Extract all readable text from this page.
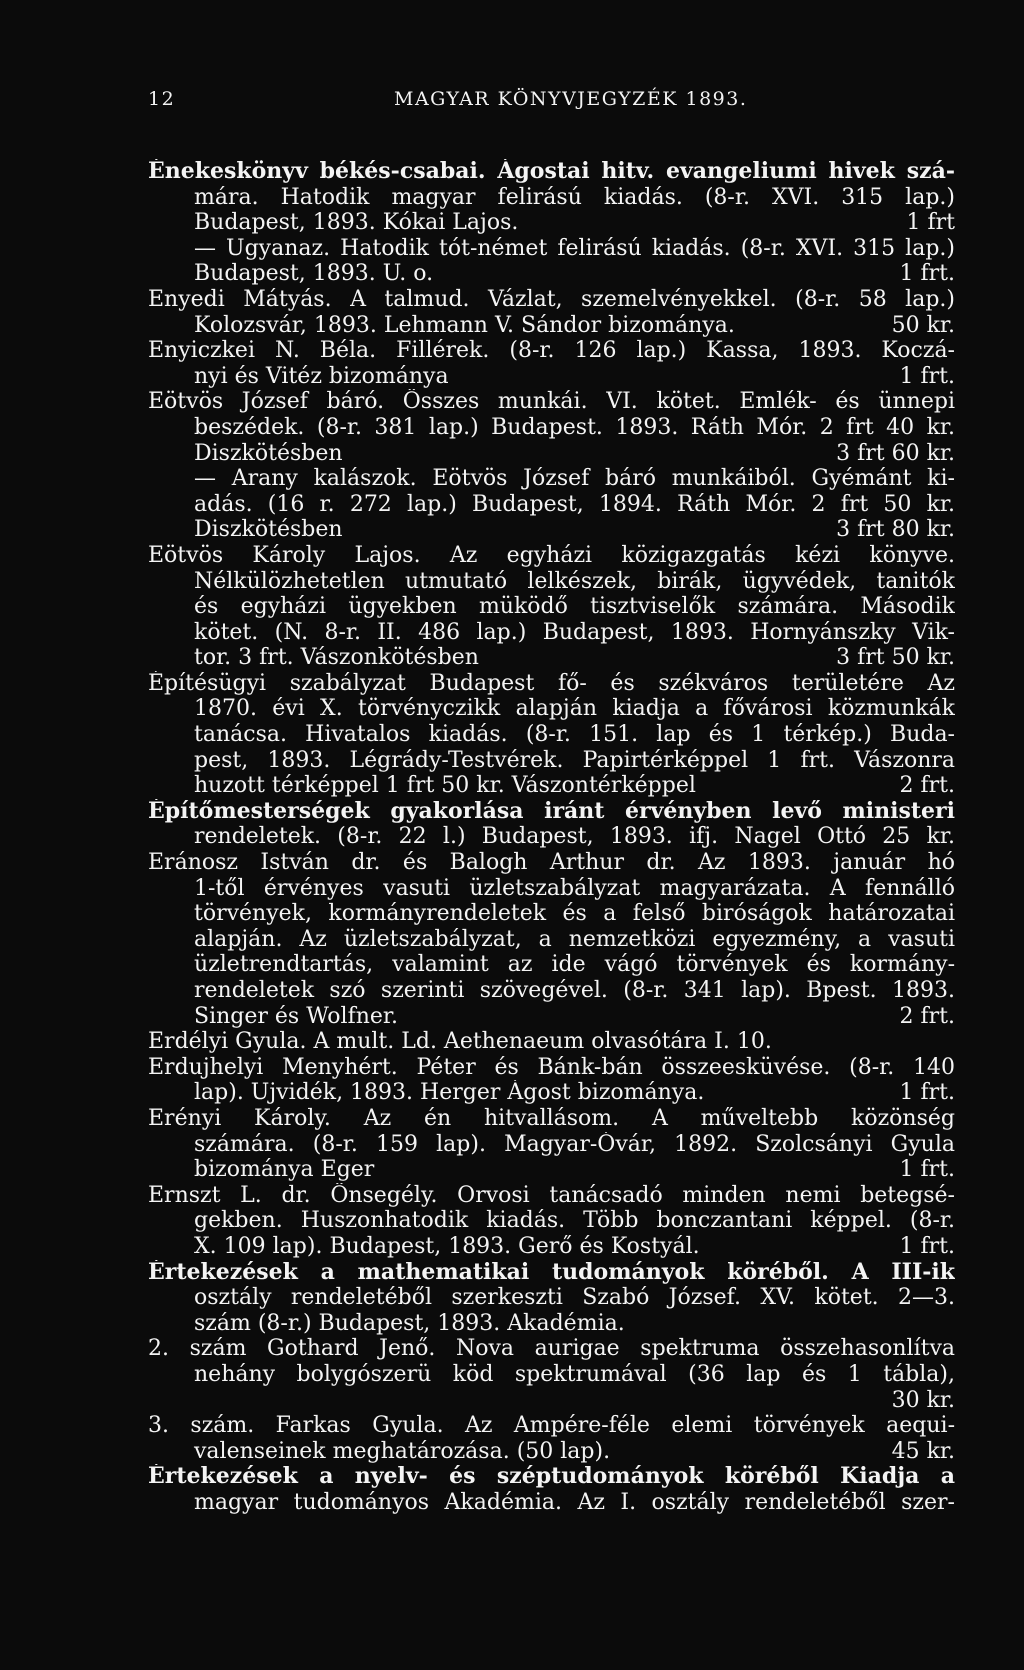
12	MAGYAR KÖNYVJEGYZÉK 1893.
Énekeskönyv békés-csabai. Ágostai hitv. evangeliumi hivek szá-
mára. Hatodik magyar felirású kiadás. (8-r. XVI. 315 lap.)
Budapest, 1893. Kókai Lajos.	1 frt
— Ugyanaz. Hatodik tót-német felirású kiadás. (8-r. XVI. 315 lap.)
Budapest, 1893. U. o.	1 frt.
Enyedi Mátyás. A talmud. Vázlat, szemelvényekkel. (8-r. 58 lap.)
Kolozsvár, 1893. Lehmann V. Sándor bizománya.	50 kr.
Enyiczkei N. Béla. Fillérek. (8-r. 126 lap.) Kassa, 1893. Koczá-
nyi és Vitéz bizománya	1 frt.
Eötvös József báró. Összes munkái. VI. kötet. Emlék- és ünnepi
beszédek. (8-r. 381 lap.) Budapest. 1893. Ráth Mór. 2 frt 40 kr.
Diszkötésben	3 frt 60 kr.
— Arany kalászok. Eötvös József báró munkáiból. Gyémánt ki-
adás. (16 r. 272 lap.) Budapest, 1894. Ráth Mór. 2 frt 50 kr.
Diszkötésben	3 frt 80 kr.
Eötvös Károly Lajos. Az egyházi közigazgatás kézi könyve.
Nélkülözhetetlen utmutató lelkészek, birák, ügyvédek, tanitók
és egyházi ügyekben müködő tisztviselők számára. Második
kötet. (N. 8-r. II. 486 lap.) Budapest, 1893. Hornyánszky Vik-
tor. 3 frt. Vászonkötésben	3 frt 50 kr.
Építésügyi szabályzat Budapest fő- és székváros területére Az
1870. évi X. törvényczikk alapján kiadja a fővárosi közmunkák
tanácsa. Hivatalos kiadás. (8-r. 151. lap és 1 térkép.) Buda-
pest, 1893. Légrády-Testvérek. Papirtérképpel 1 frt. Vászonra
huzott térképpel 1 frt 50 kr. Vászontérképpel	2 frt.
Építőmesterségek gyakorlása iránt érvényben levő ministeri
rendeletek. (8-r. 22 l.) Budapest, 1893. ifj. Nagel Ottó 25 kr.
Eránosz István dr. és Balogh Arthur dr. Az 1893. január hó
1-től érvényes vasuti üzletszabályzat magyarázata. A fennálló
törvények, kormányrendeletek és a felső biróságok határozatai
alapján. Az üzletszabályzat, a nemzetközi egyezmény, a vasuti
üzletrendtartás, valamint az ide vágó törvények és kormány-
rendeletek szó szerinti szövegével. (8-r. 341 lap). Bpest. 1893.
Singer és Wolfner.	2 frt.
Erdélyi Gyula. A mult. Ld. Aethenaeum olvasótára I. 10.
Erdujhelyi Menyhért. Péter és Bánk-bán összeesküvése. (8-r. 140
lap). Ujvidék, 1893. Herger Ágost bizománya.	1 frt.
Erényi Károly. Az én hitvallásom. A műveltebb közönség
számára. (8-r. 159 lap). Magyar-Óvár, 1892. Szolcsányi Gyula
bizománya Eger	1 frt.
Ernszt L. dr. Önsegély. Orvosi tanácsadó minden nemi betegsé-
gekben. Huszonhatodik kiadás. Több bonczantani képpel. (8-r.
X. 109 lap). Budapest, 1893. Gerő és Kostyál.	1 frt.
Értekezések a mathematikai tudományok köréből. A III-ik
osztály rendeletéből szerkeszti Szabó József. XV. kötet. 2—3.
szám (8-r.) Budapest, 1893. Akadémia.
2. szám Gothard Jenő. Nova aurigae spektruma összehasonlítva
nehány bolygószerü köd spektrumával (36 lap és 1 tábla),
30 kr.
3. szám. Farkas Gyula. Az Ampére-féle elemi törvények aequi-
valenseinek meghatározása. (50 lap).	45 kr.
Értekezések a nyelv- és széptudományok köréből Kiadja a
magyar tudományos Akadémia. Az I. osztály rendeletéből szer-
